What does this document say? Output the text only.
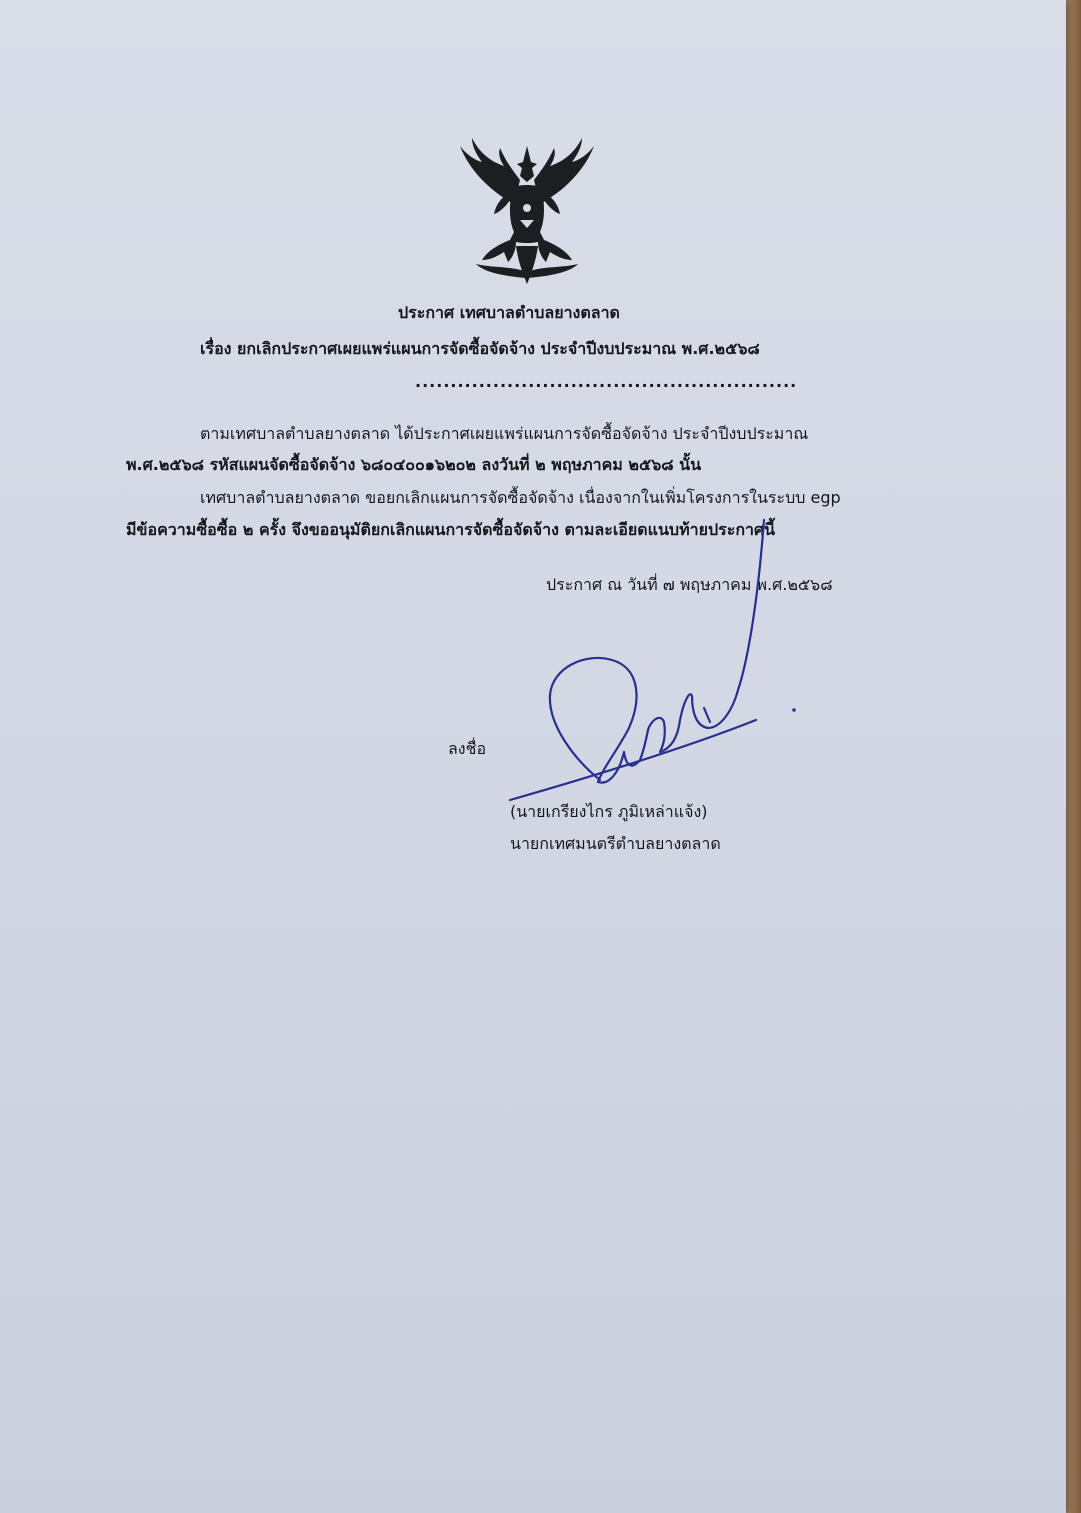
ประกาศ เทศบาลตำบลยางตลาด
เรื่อง ยกเลิกประกาศเผยแพร่แผนการจัดซื้อจัดจ้าง ประจำปีงบประมาณ พ.ศ.๒๕๖๘
......................................................
ตามเทศบาลตำบลยางตลาด ได้ประกาศเผยแพร่แผนการจัดซื้อจัดจ้าง ประจำปีงบประมาณ
พ.ศ.๒๕๖๘ รหัสแผนจัดซื้อจัดจ้าง ๖๘๐๔๐๐๑๖๒๐๒ ลงวันที่ ๒ พฤษภาคม ๒๕๖๘ นั้น
เทศบาลตำบลยางตลาด ขอยกเลิกแผนการจัดซื้อจัดจ้าง เนื่องจากในเพิ่มโครงการในระบบ egp
มีข้อความซื้อซื้อ ๒ ครั้ง จึงขออนุมัติยกเลิกแผนการจัดซื้อจัดจ้าง ตามละเอียดแนบท้ายประกาศนี้
ประกาศ ณ วันที่ ๗ พฤษภาคม พ.ศ.๒๕๖๘
ลงชื่อ
(นายเกรียงไกร ภูมิเหล่าแจ้ง)
นายกเทศมนตรีตำบลยางตลาด
